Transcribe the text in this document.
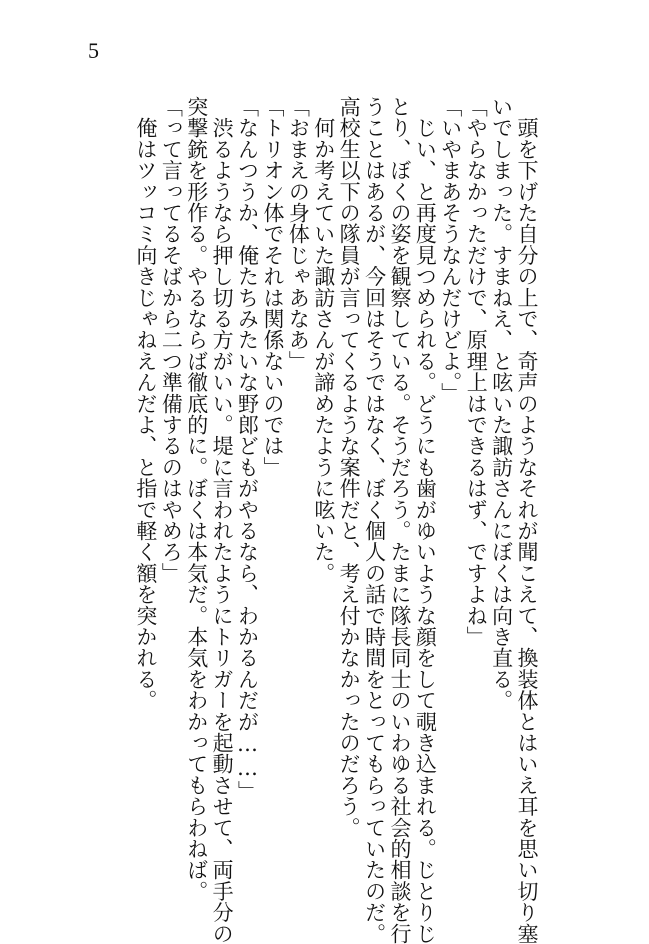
5
　頭を下げた自分の上で、奇声のようなそれが聞こえて、換装体とはいえ耳を思い切り塞
いでしまった。すまねえ、と呟いた諏訪さんにぼくは向き直る。
「やらなかっただけで、原理上はできるはず、ですよね」
「いやまあそうなんだけどよ。」
　じい、と再度見つめられる。どうにも歯がゆいような顔をして覗き込まれる。じとりじ
とり、ぼくの姿を観察している。そうだろう。たまに隊長同士のいわゆる社会的相談を行
うことはあるが、今回はそうではなく、ぼく個人の話で時間をとってもらっていたのだ。
高校生以下の隊員が言ってくるような案件だと、考え付かなかったのだろう。
　何か考えていた諏訪さんが諦めたように呟いた。
「おまえの身体じゃあなあ」
「トリオン体でそれは関係ないのでは」
「なんつうか、俺たちみたいな野郎どもがやるなら、わかるんだが……」
　渋るようなら押し切る方がいい。堤に言われたようにトリガーを起動させて、両手分の
突撃銃を形作る。やるならば徹底的に。ぼくは本気だ。本気をわかってもらわねば。
「って言ってるそばから二つ準備するのはやめろ」
　俺はツッコミ向きじゃねえんだよ、と指で軽く額を突かれる。
